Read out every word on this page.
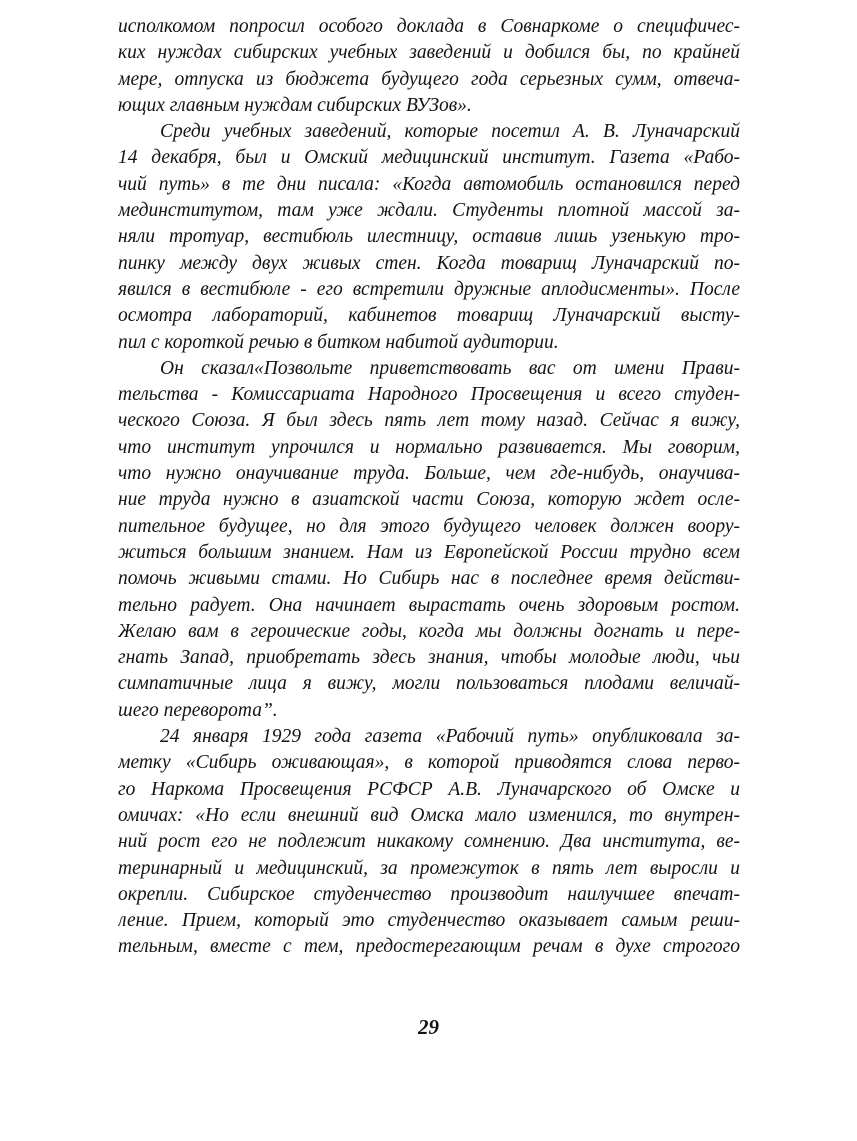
исполкомом попросил особого доклада в Совнаркоме о специфичес-
ких нуждах сибирских учебных заведений и добился бы, по крайней
мере, отпуска из бюджета будущего года серьезных сумм, отвеча-
ющих главным нуждам сибирских ВУЗов».
Среди учебных заведений, которые посетил А. В. Луначарский
14 декабря, был и Омский медицинский институт. Газета «Рабо-
чий путь» в те дни писала: «Когда автомобиль остановился перед
мединститутом, там уже ждали. Студенты плотной массой за-
няли тротуар, вестибюль илестницу, оставив лишь узенькую тро-
пинку между двух живых стен. Когда товарищ Луначарский по-
явился в вестибюле - его встретили дружные аплодисменты». После
осмотра лабораторий, кабинетов товарищ Луначарский высту-
пил с короткой речью в битком набитой аудитории.
Он сказал«Позвольте приветствовать вас от имени Прави-
тельства - Комиссариата Народного Просвещения и всего студен-
ческого Союза. Я был здесь пять лет тому назад. Сейчас я вижу,
что институт упрочился и нормально развивается. Мы говорим,
что нужно онаучивание труда. Больше, чем где-нибудь, онаучива-
ние труда нужно в азиатской части Союза, которую ждет осле-
пительное будущее, но для этого будущего человек должен воору-
житься большим знанием. Нам из Европейской России трудно всем
помочь живыми стами. Но Сибирь нас в последнее время действи-
тельно радует. Она начинает вырастать очень здоровым ростом.
Желаю вам в героические годы, когда мы должны догнать и пере-
гнать Запад, приобретать здесь знания, чтобы молодые люди, чьи
симпатичные лица я вижу, могли пользоваться плодами величай-
шего переворота”.
24 января 1929 года газета «Рабочий путь» опубликовала за-
метку «Сибирь оживающая», в которой приводятся слова перво-
го Наркома Просвещения РСФСР А.В. Луначарского об Омске и
омичах: «Но если внешний вид Омска мало изменился, то внутрен-
ний рост его не подлежит никакому сомнению. Два института, ве-
теринарный и медицинский, за промежуток в пять лет выросли и
окрепли. Сибирское студенчество производит наилучшее впечат-
ление. Прием, который это студенчество оказывает самым реши-
тельным, вместе с тем, предостерегающим речам в духе строгого
29
